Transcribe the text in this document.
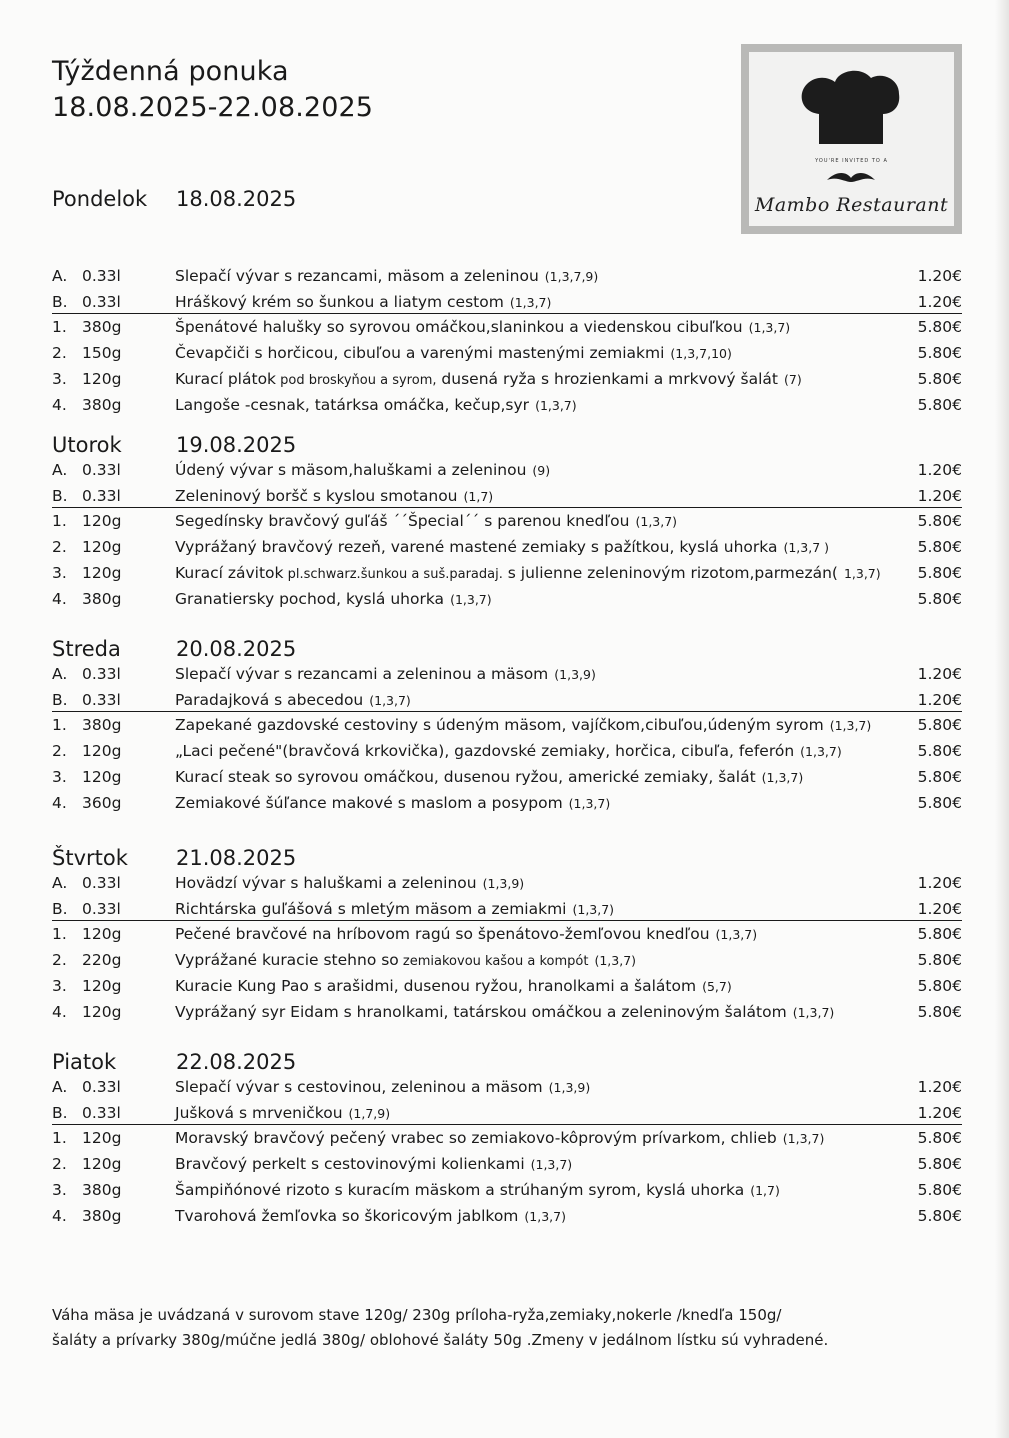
Týždenná ponuka
18.08.2025-22.08.2025
YOU'RE INVITED TO A
Mambo Restaurant
Pondelok 18.08.2025
A. 0.33l	Slepačí vývar s rezancami, mäsom a zeleninou (1,3,7,9)	1.20€
B. 0.33l	Hráškový krém so šunkou a liatym cestom (1,3,7)	1.20€
1. 380g	Špenátové halušky so syrovou omáčkou,slaninkou a viedenskou cibuľkou (1,3,7)	5.80€
2. 150g	Čevapčiči s horčicou, cibuľou a varenými mastenými zemiakmi (1,3,7,10)	5.80€
3. 120g	Kurací plátok pod broskyňou a syrom, dusená ryža s hrozienkami a mrkvový šalát (7)	5.80€
4. 380g	Langoše -cesnak, tatárksa omáčka, kečup,syr (1,3,7)	5.80€
Utorok	19.08.2025
A. 0.33l	Údený vývar s mäsom,haluškami a zeleninou (9)	1.20€
B. 0.33l	Zeleninový boršč s kyslou smotanou (1,7)	1.20€
1. 120g	Segedínsky bravčový guľáš ´´Špecial´´ s parenou knedľou (1,3,7)	5.80€
2. 120g	Vyprážaný bravčový rezeň, varené mastené zemiaky s pažítkou, kyslá uhorka (1,3,7 )	5.80€
3. 120g	Kurací závitok pl.schwarz.šunkou a suš.paradaj. s julienne zeleninovým rizotom,parmezán( 1,3,7) 5.80€
4. 380g	Granatiersky pochod, kyslá uhorka (1,3,7)	5.80€
Streda	20.08.2025
A. 0.33l	Slepačí vývar s rezancami a zeleninou a mäsom (1,3,9)	1.20€
B. 0.33l	Paradajková s abecedou (1,3,7)	1.20€
1. 380g	Zapekané gazdovské cestoviny s údeným mäsom, vajíčkom,cibuľou,údeným syrom (1,3,7)	5.80€
2. 120g	„Laci pečené"(bravčová krkovička), gazdovské zemiaky, horčica, cibuľa, feferón (1,3,7)	5.80€
3. 120g	Kurací steak so syrovou omáčkou, dusenou ryžou, americké zemiaky, šalát (1,3,7)	5.80€
4. 360g	Zemiakové šúľance makové s maslom a posypom (1,3,7)	5.80€
Štvrtok 21.08.2025
A. 0.33l	Hovädzí vývar s haluškami a zeleninou (1,3,9)	1.20€
B. 0.33l	Richtárska guľášová s mletým mäsom a zemiakmi (1,3,7)	1.20€
1. 120g	Pečené bravčové na hríbovom ragú so špenátovo-žemľovou knedľou (1,3,7)	5.80€
2. 220g	Vyprážané kuracie stehno so zemiakovou kašou a kompót (1,3,7)	5.80€
3. 120g	Kuracie Kung Pao s arašidmi, dusenou ryžou, hranolkami a šalátom (5,7)	5.80€
4. 120g	Vyprážaný syr Eidam s hranolkami, tatárskou omáčkou a zeleninovým šalátom (1,3,7)	5.80€
Piatok	22.08.2025
A. 0.33l	Slepačí vývar s cestovinou, zeleninou a mäsom (1,3,9)	1.20€
B. 0.33l	Jušková s mrveničkou (1,7,9)	1.20€
1. 120g	Moravský bravčový pečený vrabec so zemiakovo-kôprovým prívarkom, chlieb (1,3,7)	5.80€
2. 120g	Bravčový perkelt s cestovinovými kolienkami (1,3,7)	5.80€
3. 380g	Šampiňónové rizoto s kuracím mäskom a strúhaným syrom, kyslá uhorka (1,7)	5.80€
4. 380g	Tvarohová žemľovka so škoricovým jablkom (1,3,7)	5.80€
Váha mäsa je uvádzaná v surovom stave 120g/ 230g príloha-ryža,zemiaky,nokerle /knedľa 150g/
šaláty a prívarky 380g/múčne jedlá 380g/ oblohové šaláty 50g .Zmeny v jedálnom lístku sú vyhradené.
